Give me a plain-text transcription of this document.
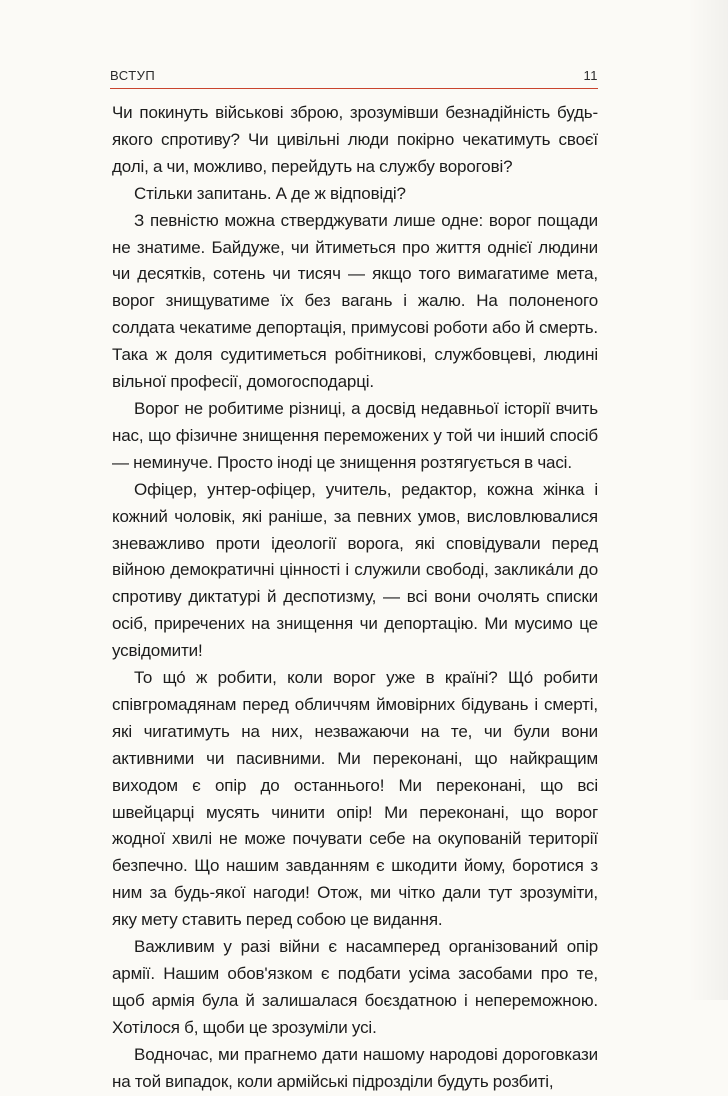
ВСТУП	11

Чи покинуть військові зброю, зрозумівши безнадійність будь-якого спротиву? Чи цивільні люди покірно чекатимуть своєї долі, а чи, можливо, перейдуть на службу ворогові?

Стільки запитань. А де ж відповіді?

З певністю можна стверджувати лише одне: ворог пощади не знатиме. Байдуже, чи йтиметься про життя однієї людини чи десятків, сотень чи тисяч — якщо того вимагатиме мета, ворог знищуватиме їх без вагань і жалю. На полоненого солдата чекатиме депортація, примусові роботи або й смерть. Така ж доля судитиметься робітникові, службовцеві, людині вільної професії, домогосподарці.

Ворог не робитиме різниці, а досвід недавньої історії вчить нас, що фізичне знищення переможених у той чи інший спосіб — неминуче. Просто іноді це знищення розтягується в часі.

Офіцер, унтер-офіцер, учитель, редактор, кожна жінка і кожний чоловік, які раніше, за певних умов, висловлювалися зневажливо проти ідеології ворога, які сповідували перед війною демократичні цінності і служили свободі, заклика́ли до спротиву диктатурі й деспотизму, — всі вони очолять списки осіб, приречених на знищення чи депортацію. Ми мусимо це усвідомити!

То що́ ж робити, коли ворог уже в країні? Що́ робити співгромадянам перед обличчям ймовірних бідувань і смерті, які чигатимуть на них, незважаючи на те, чи були вони активними чи пасивними. Ми переконані, що найкращим виходом є опір до останнього! Ми переконані, що всі швейцарці мусять чинити опір! Ми переконані, що ворог жодної хвилі не може почувати себе на окупованій території безпечно. Що нашим завданням є шкодити йому, боротися з ним за будь-якої нагоди! Отож, ми чітко дали тут зрозуміти, яку мету ставить перед собою це видання.

Важливим у разі війни є насамперед організований опір армії. Нашим обов'язком є подбати усіма засобами про те, щоб армія була й залишалася боєздатною і непереможною. Хотілося б, щоби це зрозуміли усі.

Водночас, ми прагнемо дати нашому народові дороговкази на той випадок, коли армійські підрозділи будуть розбиті,
